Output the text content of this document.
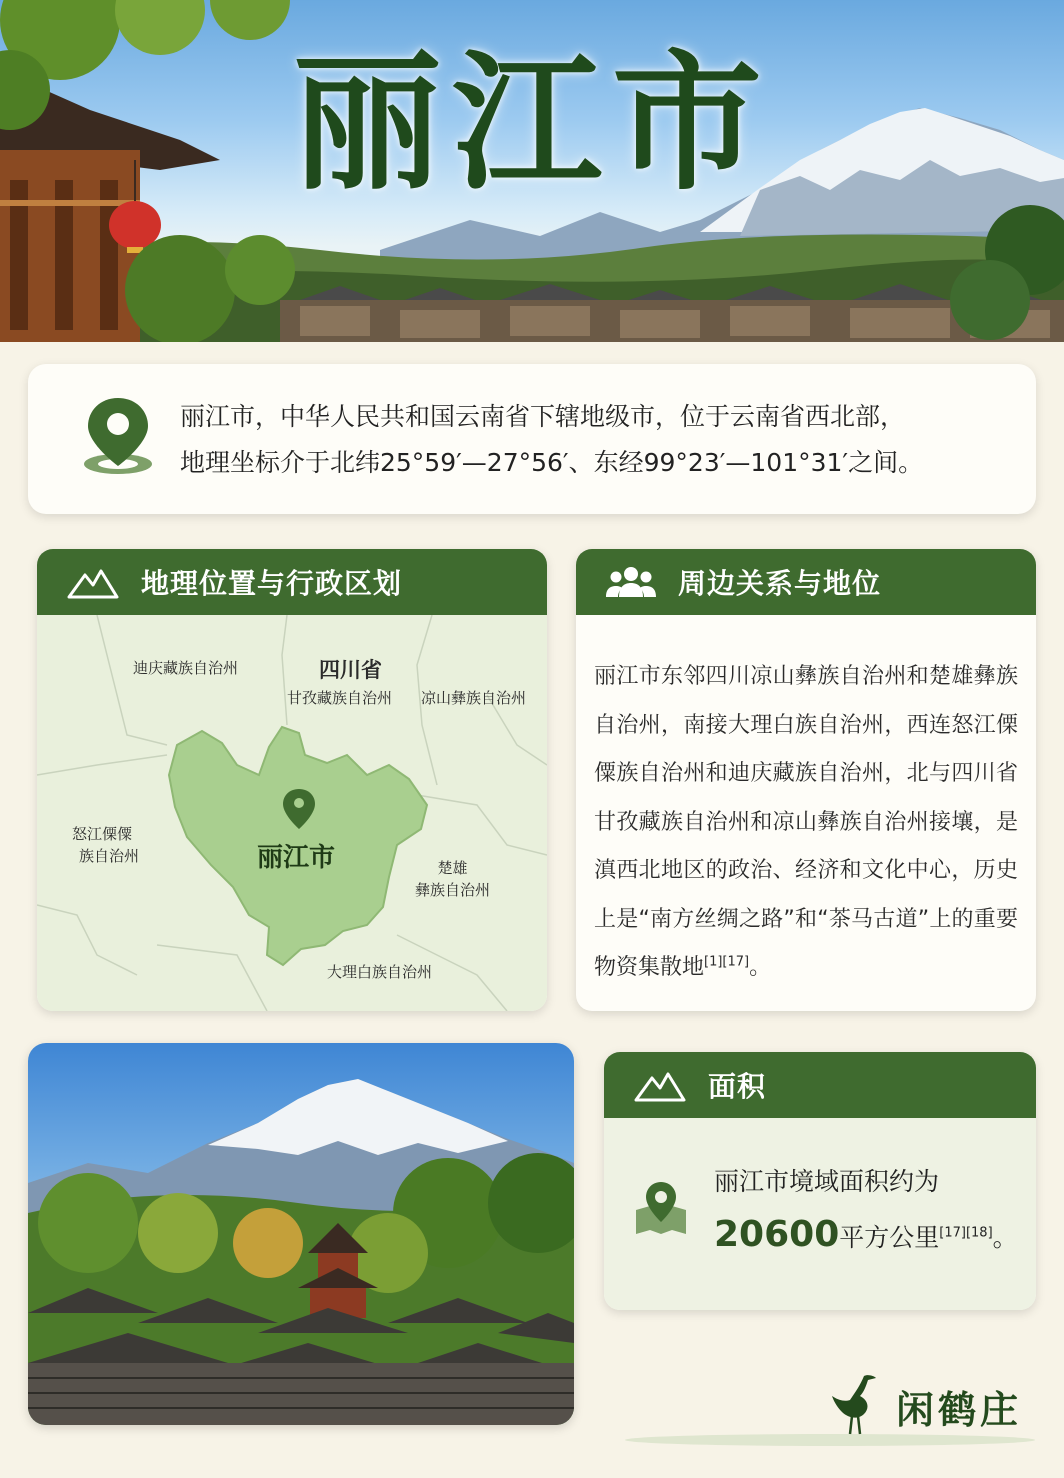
丽江市
丽江市，中华人民共和国云南省下辖地级市，位于云南省西北部，
地理坐标介于北纬25°59′—27°56′、东经99°23′—101°31′之间。
地理位置与行政区划
迪庆藏族自治州	四川省
甘孜藏族自治州 凉山彝族自治州
怒江傈僳
族自治州	丽江市	楚雄
彝族自治州
大理白族自治州
周边关系与地位
丽江市东邻四川凉山彝族自治州和楚雄彝族自治州，南接大理白族自治州，西连怒江傈僳族自治州和迪庆藏族自治州，北与四川省甘孜藏族自治州和凉山彝族自治州接壤，是滇西北地区的政治、经济和文化中心，历史上是“南方丝绸之路”和“茶马古道”上的重要物资集散地[1][17]。
面积
丽江市境域面积约为
20600平方公里[17][18]。
闲鹤庄
